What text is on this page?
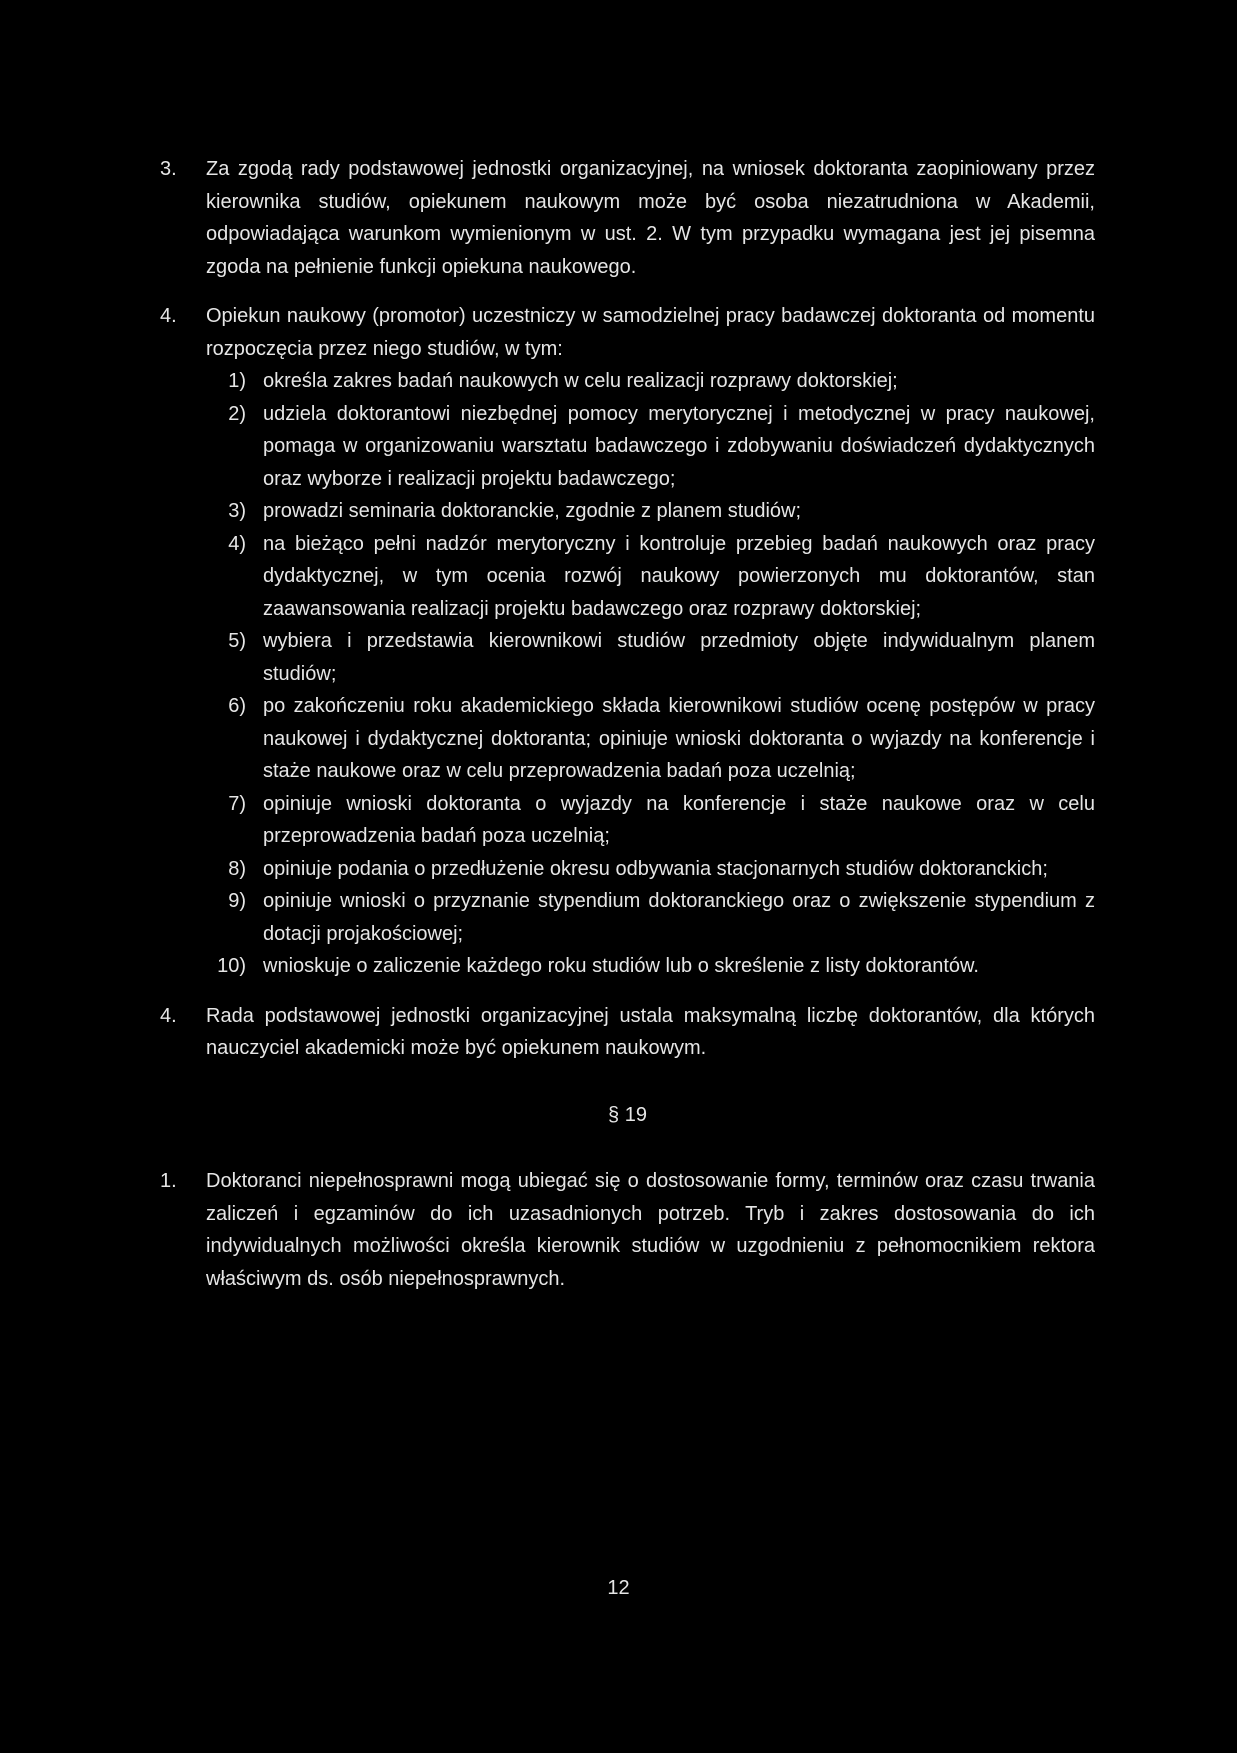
3. Za zgodą rady podstawowej jednostki organizacyjnej, na wniosek doktoranta zaopiniowany przez kierownika studiów, opiekunem naukowym może być osoba niezatrudniona w Akademii, odpowiadająca warunkom wymienionym w ust. 2. W tym przypadku wymagana jest jej pisemna zgoda na pełnienie funkcji opiekuna naukowego.
4. Opiekun naukowy (promotor) uczestniczy w samodzielnej pracy badawczej doktoranta od momentu rozpoczęcia przez niego studiów, w tym:
1) określa zakres badań naukowych w celu realizacji rozprawy doktorskiej;
2) udziela doktorantowi niezbędnej pomocy merytorycznej i metodycznej w pracy naukowej, pomaga w organizowaniu warsztatu badawczego i zdobywaniu doświadczeń dydaktycznych oraz wyborze i realizacji projektu badawczego;
3) prowadzi seminaria doktoranckie, zgodnie z planem studiów;
4) na bieżąco pełni nadzór merytoryczny i kontroluje przebieg badań naukowych oraz pracy dydaktycznej, w tym ocenia rozwój naukowy powierzonych mu doktorantów, stan zaawansowania realizacji projektu badawczego oraz rozprawy doktorskiej;
5) wybiera i przedstawia kierownikowi studiów przedmioty objęte indywidualnym planem studiów;
6) po zakończeniu roku akademickiego składa kierownikowi studiów ocenę postępów w pracy naukowej i dydaktycznej doktoranta; opiniuje wnioski doktoranta o wyjazdy na konferencje i staże naukowe oraz w celu przeprowadzenia badań poza uczelnią;
7) opiniuje wnioski doktoranta o wyjazdy na konferencje i staże naukowe oraz w celu przeprowadzenia badań poza uczelnią;
8) opiniuje podania o przedłużenie okresu odbywania stacjonarnych studiów doktoranckich;
9) opiniuje wnioski o przyznanie stypendium doktoranckiego oraz o zwiększenie stypendium z dotacji projakościowej;
10) wnioskuje o zaliczenie każdego roku studiów lub o skreślenie z listy doktorantów.
4. Rada podstawowej jednostki organizacyjnej ustala maksymalną liczbę doktorantów, dla których nauczyciel akademicki może być opiekunem naukowym.
§ 19
1. Doktoranci niepełnosprawni mogą ubiegać się o dostosowanie formy, terminów oraz czasu trwania zaliczeń i egzaminów do ich uzasadnionych potrzeb. Tryb i zakres dostosowania do ich indywidualnych możliwości określa kierownik studiów w uzgodnieniu z pełnomocnikiem rektora właściwym ds. osób niepełnosprawnych.
12
